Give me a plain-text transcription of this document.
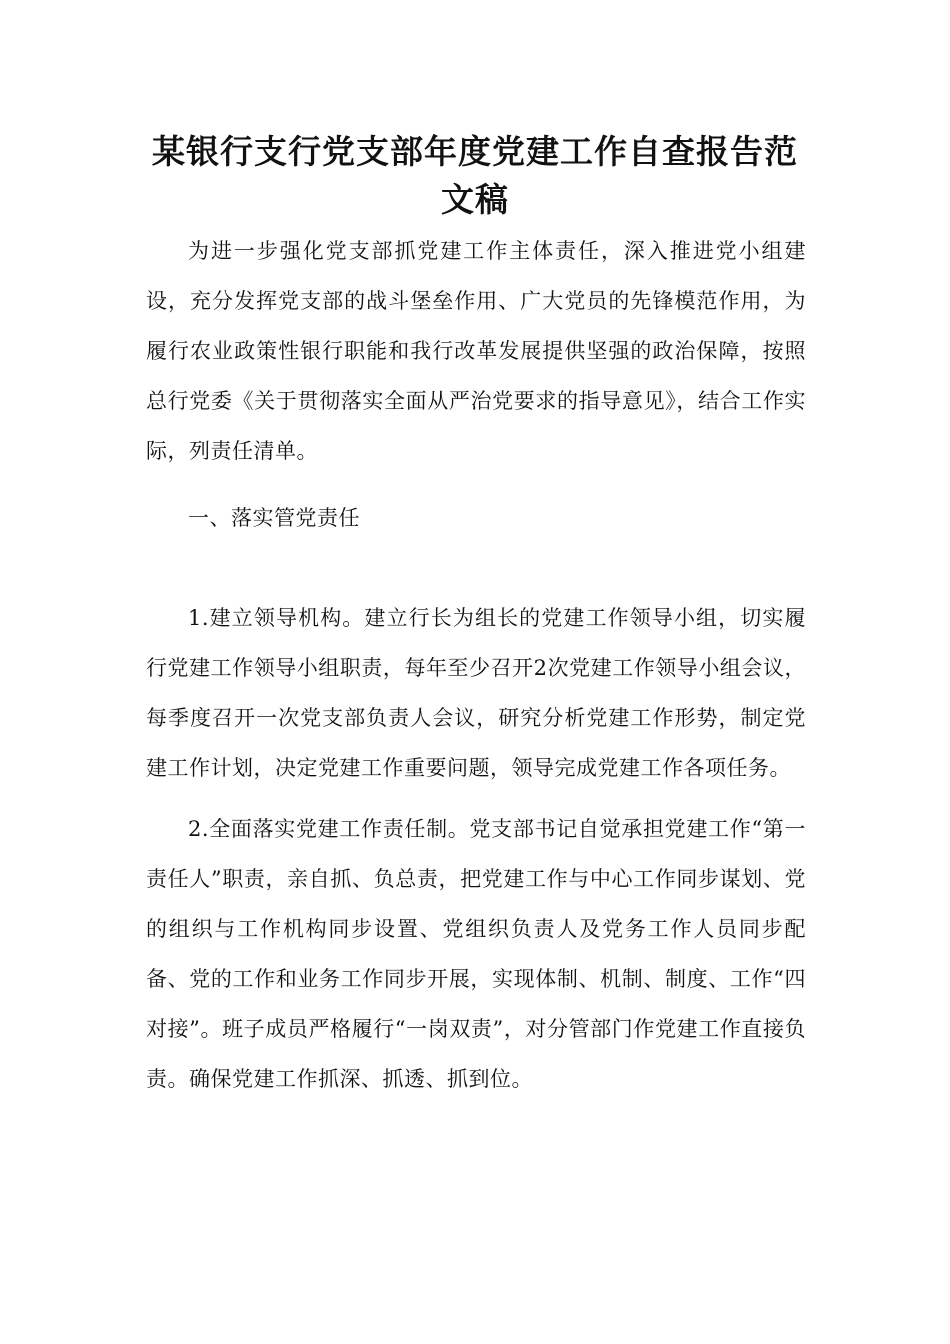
某银行支行党支部年度党建工作自查报告范文稿

为进一步强化党支部抓党建工作主体责任，深入推进党小组建设，充分发挥党支部的战斗堡垒作用、广大党员的先锋模范作用，为履行农业政策性银行职能和我行改革发展提供坚强的政治保障，按照总行党委《关于贯彻落实全面从严治党要求的指导意见》，结合工作实际，列责任清单。

一、落实管党责任

1.建立领导机构。建立行长为组长的党建工作领导小组，切实履行党建工作领导小组职责，每年至少召开2次党建工作领导小组会议，每季度召开一次党支部负责人会议，研究分析党建工作形势，制定党建工作计划，决定党建工作重要问题，领导完成党建工作各项任务。

2.全面落实党建工作责任制。党支部书记自觉承担党建工作“第一责任人”职责，亲自抓、负总责，把党建工作与中心工作同步谋划、党的组织与工作机构同步设置、党组织负责人及党务工作人员同步配备、党的工作和业务工作同步开展，实现体制、机制、制度、工作“四对接”。班子成员严格履行“一岗双责”，对分管部门作党建工作直接负责。确保党建工作抓深、抓透、抓到位。
